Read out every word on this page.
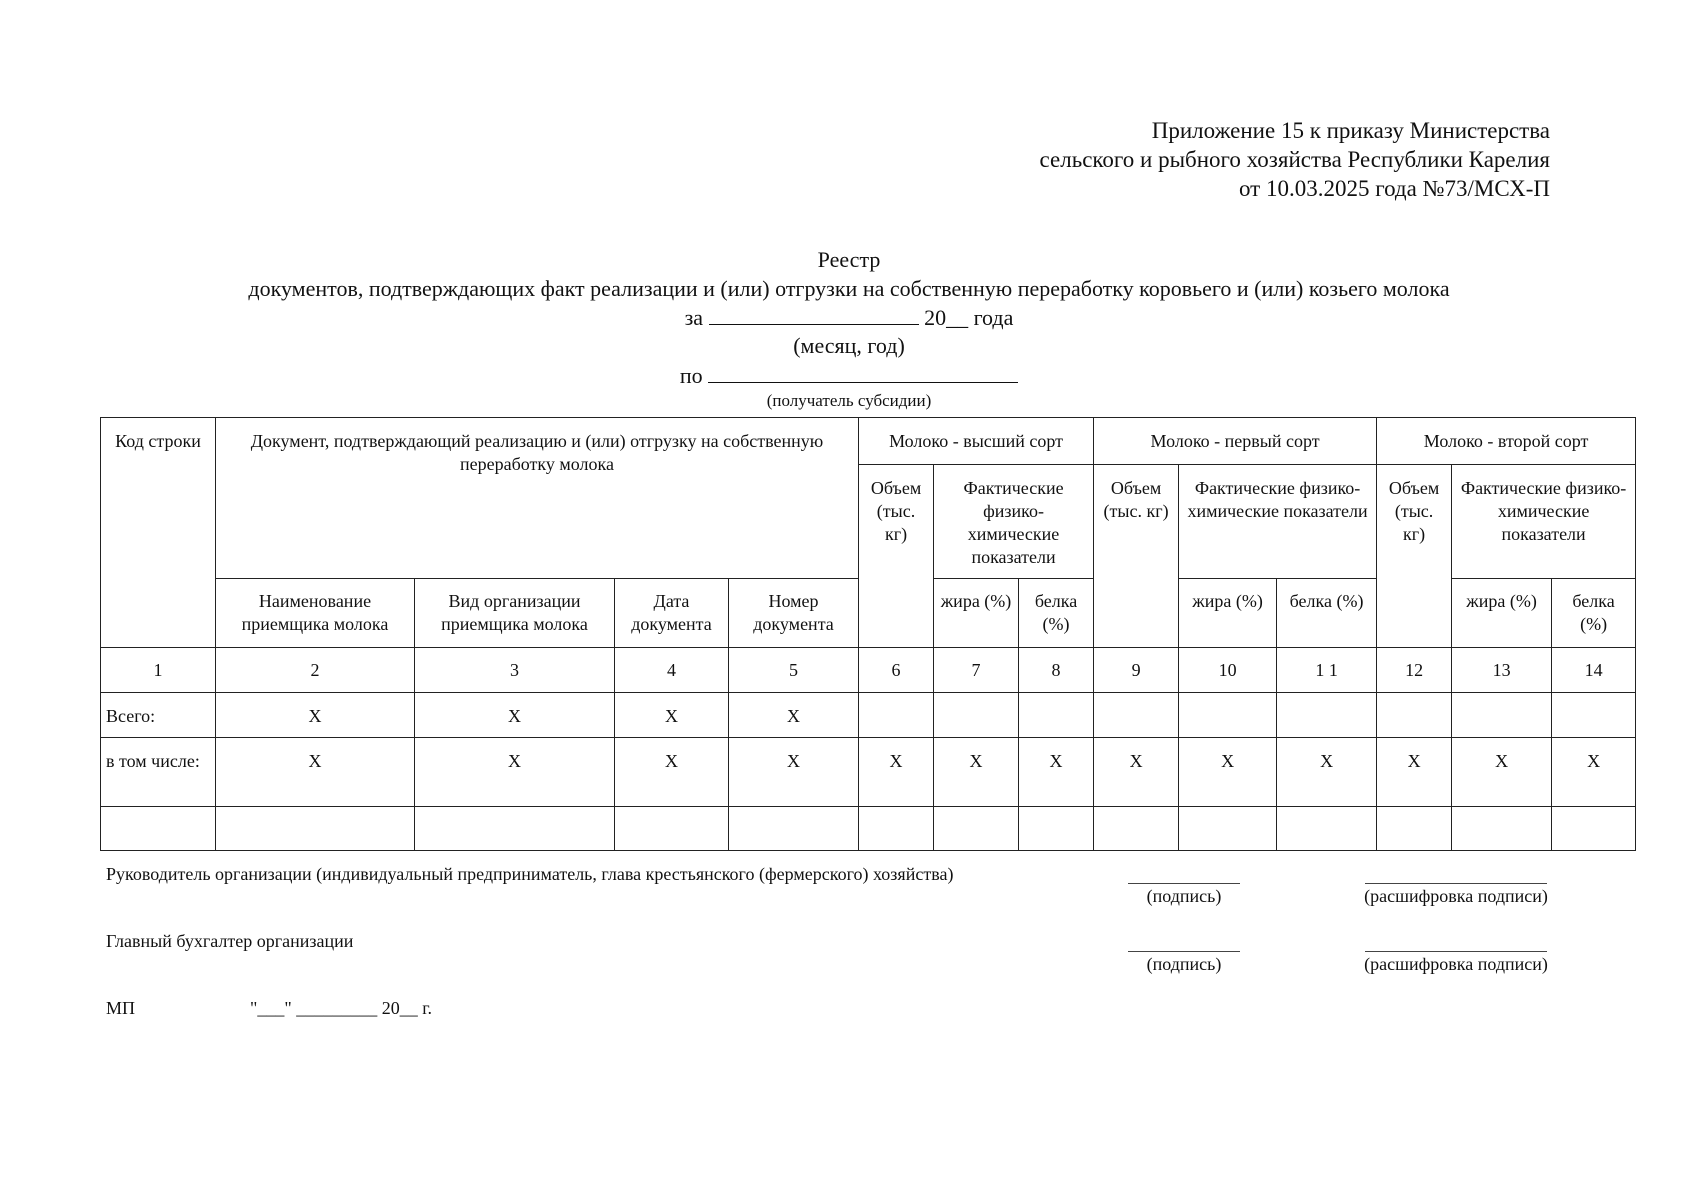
Приложение 15 к приказу Министерства
сельского и рыбного хозяйства Республики Карелия
от 10.03.2025 года №73/МСХ-П
Реестр
документов, подтверждающих факт реализации и (или) отгрузки на собственную переработку коровьего и (или) козьего молока
за	20__ года
(месяц, год)
по
(получатель субсидии)
Код строки	Документ, подтверждающий реализацию и (или) отгрузку на собственную переработку молока				Молоко - высший сорт			Молоко - первый сорт			Молоко - второй сорт		
					Объем (тыс. кг)	Фактические физико-химические показатели		Объем (тыс. кг)	Фактические физико-химические показатели		Объем (тыс. кг)	Фактические физико-химические показатели	
	Наименование приемщика молока	Вид организации приемщика молока	Дата документа	Номер документа		жира (%)	белка (%)		жира (%)	белка (%)		жира (%)	белка (%)
1	2	3	4	5	6	7	8	9	10	1 1	12	13	14
Всего:	Х	Х	Х	Х									
в том числе:	Х	Х	Х	Х	Х	Х	Х	Х	Х	Х	Х	Х	Х

Руководитель организации (индивидуальный предприниматель, глава крестьянского (фермерского) хозяйства)
(подпись)	(расшифровка подписи)
Главный бухгалтер организации
(подпись)	(расшифровка подписи)
МП	"___" _________ 20__ г.
